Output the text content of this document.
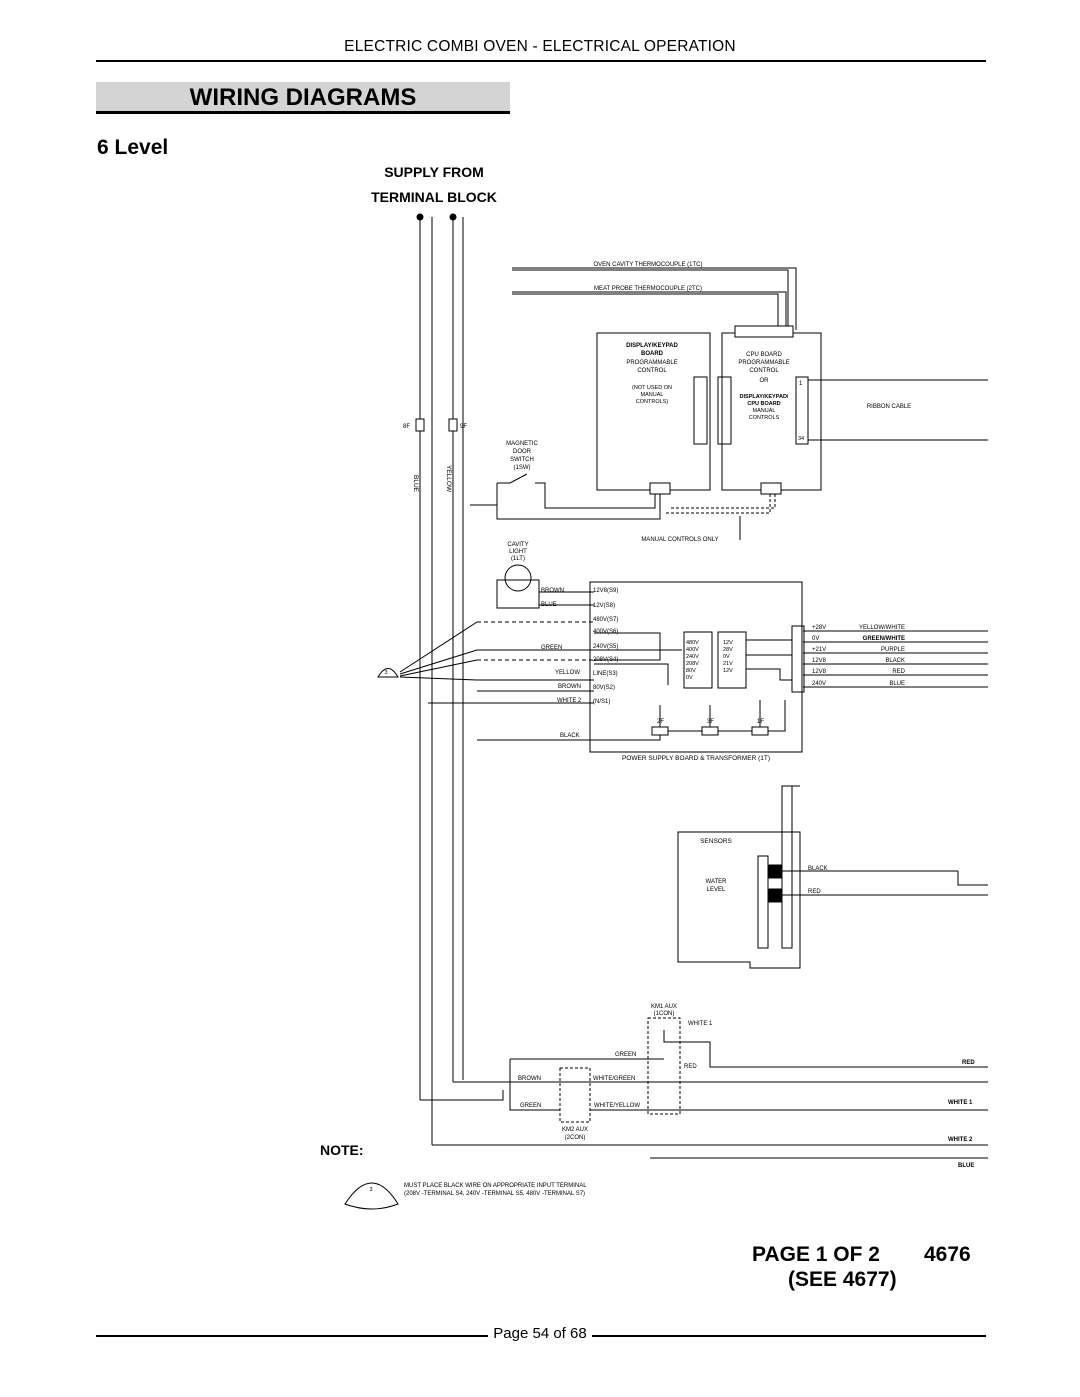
ELECTRIC COMBI OVEN - ELECTRICAL OPERATION
WIRING DIAGRAMS
6 Level
SUPPLY FROM
TERMINAL BLOCK
BLUE	YELLOW
8F	9F
OVEN CAVITY THERMOCOUPLE (1TC)
MEAT PROBE THERMOCOUPLE (2TC)
DISPLAY/KEYPAD
BOARD
PROGRAMMABLE
CONTROL
(NOT USED ON
MANUAL
CONTROLS)
CPU BOARD
PROGRAMMABLE
CONTROL
OR
DISPLAY/KEYPAD/
CPU BOARD
MANUAL
CONTROLS
RIBBON CABLE
1
34
MAGNETIC
DOOR
SWITCH
(1SW)
MANUAL CONTROLS ONLY
CAVITY
LIGHT
(1LT)
12V8(S9)
12V(S8)
480V(S7)
400V(S6)
240V(S5)
208V(S4)
LINE(S3)
80V(S2)
(N/S1)
BROWN
BLUE
GREEN
YELLOW
BROWN
WHITE 2
BLACK
480V
400V
240V
208V
80V
0V
12V
28V
0V
21V
12V
2F	3F	1F
POWER SUPPLY BOARD & TRANSFORMER (1T)
+28V
0V
+21V
12V8
12V8
240V
YELLOW/WHITE
GREEN/WHITE
PURPLE
BLACK
RED
BLUE
3
SENSORS
WATER
LEVEL
BLACK
RED
KM1 AUX
(1CON)
KM2 AUX
(2CON)
WHITE 1
GREEN
RED
BROWN	WHITE/GREEN
GREEN	WHITE/YELLOW
RED
WHITE 1
WHITE 2
BLUE
NOTE:
3
MUST PLACE BLACK WIRE ON APPROPRIATE INPUT TERMINAL
(208V -TERMINAL S4, 240V -TERMINAL S5, 480V -TERMINAL S7)
PAGE 1 OF 2 4676
(SEE 4677)
Page 54 of 68
